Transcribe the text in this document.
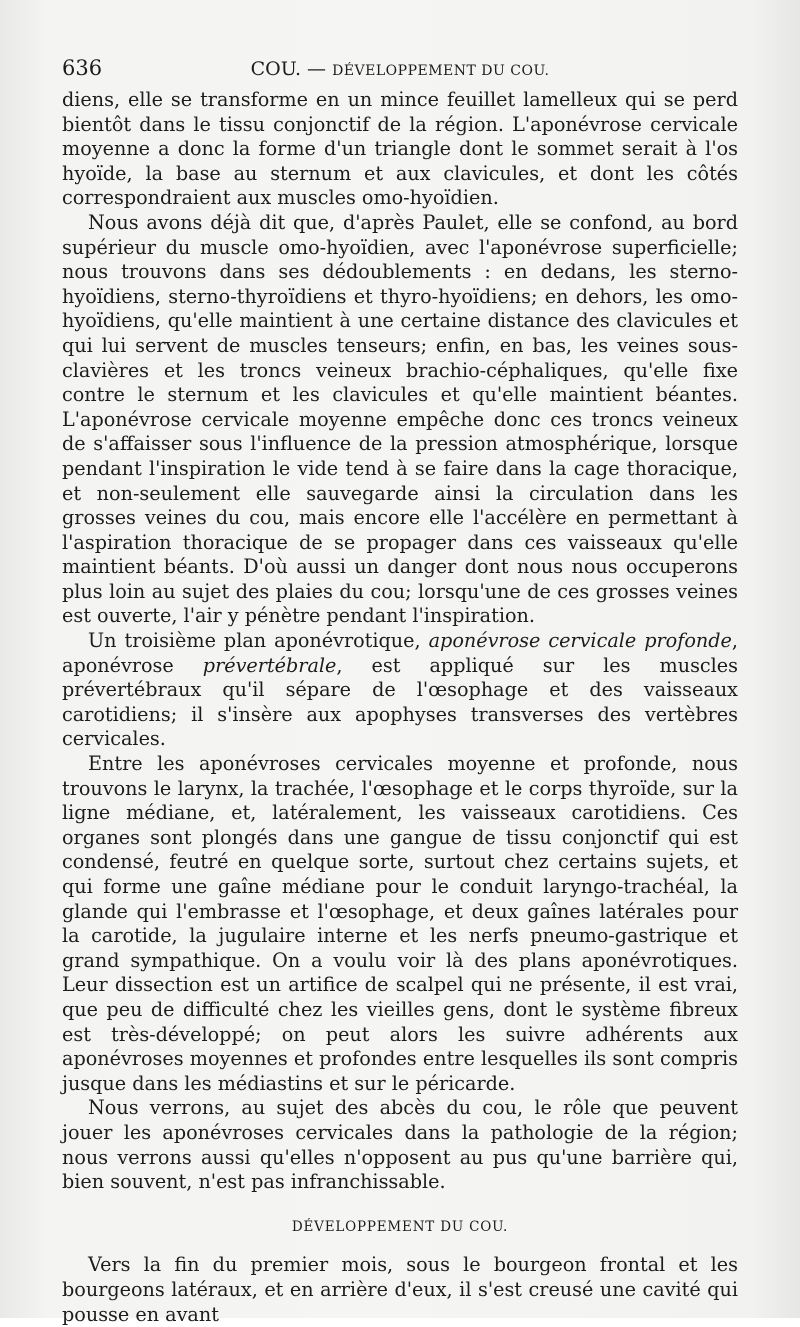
636	COU. — DÉVELOPPEMENT DU COU.

diens, elle se transforme en un mince feuillet lamelleux qui se perd bientôt dans le tissu conjonctif de la région. L'aponévrose cervicale moyenne a donc la forme d'un triangle dont le sommet serait à l'os hyoïde, la base au sternum et aux clavicules, et dont les côtés correspondraient aux muscles omo-hyoïdien.

Nous avons déjà dit que, d'après Paulet, elle se confond, au bord supérieur du muscle omo-hyoïdien, avec l'aponévrose superficielle; nous trouvons dans ses dédoublements : en dedans, les sterno-hyoïdiens, sterno-thyroïdiens et thyro-hyoïdiens; en dehors, les omo-hyoïdiens, qu'elle maintient à une certaine distance des clavicules et qui lui servent de muscles tenseurs; enfin, en bas, les veines sous-clavières et les troncs veineux brachio-céphaliques, qu'elle fixe contre le sternum et les clavicules et qu'elle maintient béantes. L'aponévrose cervicale moyenne empêche donc ces troncs veineux de s'affaisser sous l'influence de la pression atmosphérique, lorsque pendant l'inspiration le vide tend à se faire dans la cage thoracique, et non-seulement elle sauvegarde ainsi la circulation dans les grosses veines du cou, mais encore elle l'accélère en permettant à l'aspiration thoracique de se propager dans ces vaisseaux qu'elle maintient béants. D'où aussi un danger dont nous nous occuperons plus loin au sujet des plaies du cou; lorsqu'une de ces grosses veines est ouverte, l'air y pénètre pendant l'inspiration.

Un troisième plan aponévrotique, aponévrose cervicale profonde, aponévrose prévertébrale, est appliqué sur les muscles prévertébraux qu'il sépare de l'œsophage et des vaisseaux carotidiens; il s'insère aux apophyses transverses des vertèbres cervicales.

Entre les aponévroses cervicales moyenne et profonde, nous trouvons le larynx, la trachée, l'œsophage et le corps thyroïde, sur la ligne médiane, et, latéralement, les vaisseaux carotidiens. Ces organes sont plongés dans une gangue de tissu conjonctif qui est condensé, feutré en quelque sorte, surtout chez certains sujets, et qui forme une gaîne médiane pour le conduit laryngo-trachéal, la glande qui l'embrasse et l'œsophage, et deux gaînes latérales pour la carotide, la jugulaire interne et les nerfs pneumo-gastrique et grand sympathique. On a voulu voir là des plans aponévrotiques. Leur dissection est un artifice de scalpel qui ne présente, il est vrai, que peu de difficulté chez les vieilles gens, dont le système fibreux est très-développé; on peut alors les suivre adhérents aux aponévroses moyennes et profondes entre lesquelles ils sont compris jusque dans les médiastins et sur le péricarde.

Nous verrons, au sujet des abcès du cou, le rôle que peuvent jouer les aponévroses cervicales dans la pathologie de la région; nous verrons aussi qu'elles n'opposent au pus qu'une barrière qui, bien souvent, n'est pas infranchissable.

DÉVELOPPEMENT DU COU.

Vers la fin du premier mois, sous le bourgeon frontal et les bourgeons latéraux, et en arrière d'eux, il s'est creusé une cavité qui pousse en avant
